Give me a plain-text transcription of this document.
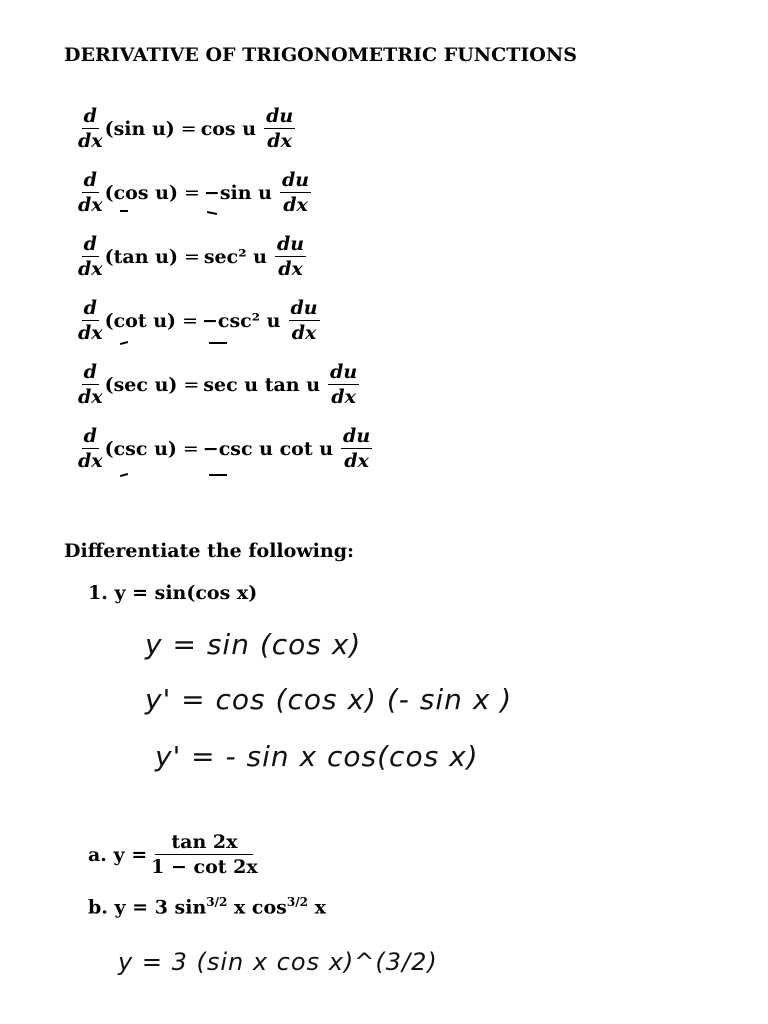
DERIVATIVE OF TRIGONOMETRIC FUNCTIONS
$\frac{d}{dx} (\sin$ u) = cos u $\frac{du}{dx}$
$\frac{d}{dx} (\cos$ u) = −sin u $\frac{du}{dx}$
$\frac{d}{dx} (\tan$ u) = sec² u $\frac{du}{dx}$
$\frac{d}{dx} (\cot$ u) = −csc² u $\frac{du}{dx}$
$\frac{d}{dx} (\sec$ u) = sec u tan u $\frac{du}{dx}$
$\frac{d}{dx} (\csc$ u) = −csc u cot u $\frac{du}{dx}$
Differentiate the following:
1. y = sin(cos x)
y = sin (cos x)
y' = cos (cos x) (- sin x )
y' = - sin x cos(cos x)
a. $y = \frac{\tan 2x}{1 - \cot 2x}$
b. y = 3 $\sin^{3/2} x$ $\cos^{3/2} x$
y = 3 (sin x cos x)^(3/2)
